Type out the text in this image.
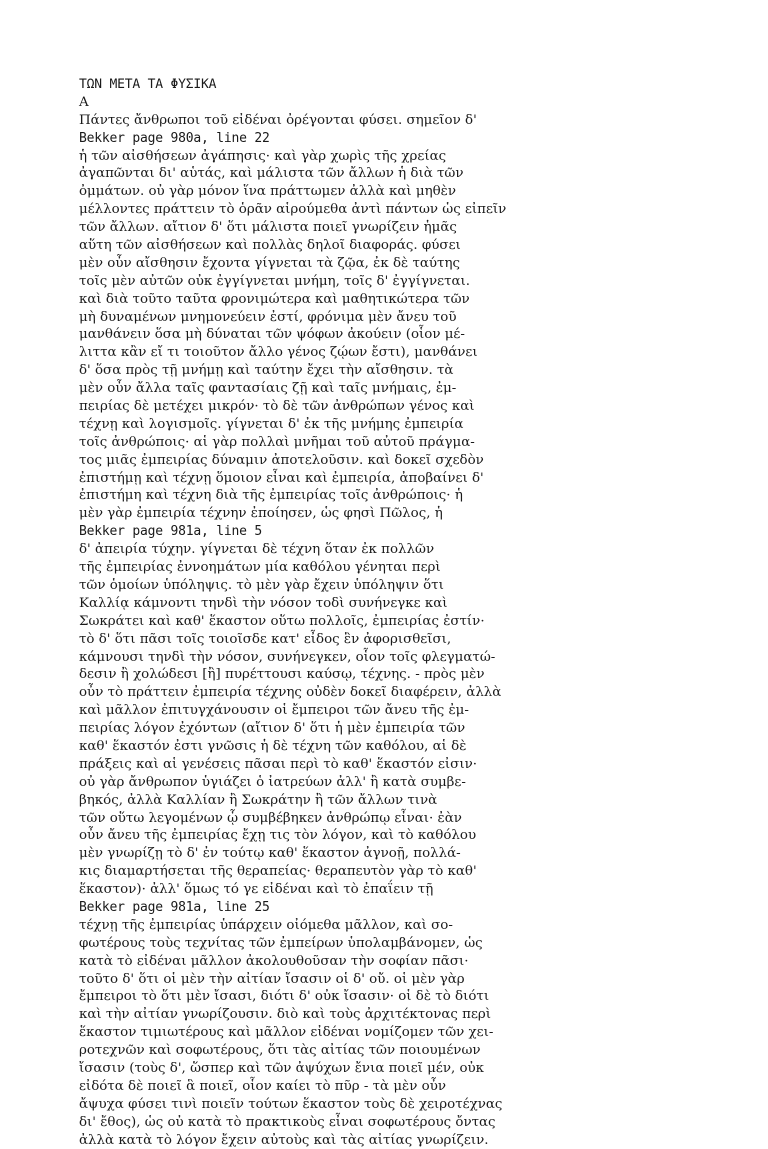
ΤΩΝ ΜΕΤΑ ΤΑ ΦΥΣΙΚΑ
Α
Πάντες ἄνθρωποι τοῦ εἰδέναι ὀρέγονται φύσει. σημεῖον δ'
Bekker page 980a, line 22
ἡ τῶν αἰσθήσεων ἀγάπησις· καὶ γὰρ χωρὶς τῆς χρείας
ἀγαπῶνται δι' αὑτάς, καὶ μάλιστα τῶν ἄλλων ἡ διὰ τῶν
ὀμμάτων. οὐ γὰρ μόνον ἵνα πράττωμεν ἀλλὰ καὶ μηθὲν
μέλλοντες πράττειν τὸ ὁρᾶν αἱρούμεθα ἀντὶ πάντων ὡς εἰπεῖν
τῶν ἄλλων. αἴτιον δ' ὅτι μάλιστα ποιεῖ γνωρίζειν ἡμᾶς
αὕτη τῶν αἰσθήσεων καὶ πολλὰς δηλοῖ διαφοράς. φύσει
μὲν οὖν αἴσθησιν ἔχοντα γίγνεται τὰ ζῷα, ἐκ δὲ ταύτης
τοῖς μὲν αὐτῶν οὐκ ἐγγίγνεται μνήμη, τοῖς δ' ἐγγίγνεται.
καὶ διὰ τοῦτο ταῦτα φρονιμώτερα καὶ μαθητικώτερα τῶν
μὴ δυναμένων μνημονεύειν ἐστί, φρόνιμα μὲν ἄνευ τοῦ
μανθάνειν ὅσα μὴ δύναται τῶν ψόφων ἀκούειν (οἷον μέ-
λιττα κἂν εἴ τι τοιοῦτον ἄλλο γένος ζῴων ἔστι), μανθάνει
δ' ὅσα πρὸς τῇ μνήμῃ καὶ ταύτην ἔχει τὴν αἴσθησιν. τὰ
μὲν οὖν ἄλλα ταῖς φαντασίαις ζῇ καὶ ταῖς μνήμαις, ἐμ-
πειρίας δὲ μετέχει μικρόν· τὸ δὲ τῶν ἀνθρώπων γένος καὶ
τέχνῃ καὶ λογισμοῖς. γίγνεται δ' ἐκ τῆς μνήμης ἐμπειρία
τοῖς ἀνθρώποις· αἱ γὰρ πολλαὶ μνῆμαι τοῦ αὐτοῦ πράγμα-
τος μιᾶς ἐμπειρίας δύναμιν ἀποτελοῦσιν. καὶ δοκεῖ σχεδὸν
ἐπιστήμῃ καὶ τέχνῃ ὅμοιον εἶναι καὶ ἐμπειρία, ἀποβαίνει δ'
ἐπιστήμη καὶ τέχνη διὰ τῆς ἐμπειρίας τοῖς ἀνθρώποις· ἡ
μὲν γὰρ ἐμπειρία τέχνην ἐποίησεν, ὡς φησὶ Πῶλος, ἡ
Bekker page 981a, line 5
δ' ἀπειρία τύχην. γίγνεται δὲ τέχνη ὅταν ἐκ πολλῶν
τῆς ἐμπειρίας ἐννοημάτων μία καθόλου γένηται περὶ
τῶν ὁμοίων ὑπόληψις. τὸ μὲν γὰρ ἔχειν ὑπόληψιν ὅτι
Καλλίᾳ κάμνοντι τηνδὶ τὴν νόσον τοδὶ συνήνεγκε καὶ
Σωκράτει καὶ καθ' ἕκαστον οὕτω πολλοῖς, ἐμπειρίας ἐστίν·
τὸ δ' ὅτι πᾶσι τοῖς τοιοῖσδε κατ' εἶδος ἓν ἀφορισθεῖσι,
κάμνουσι τηνδὶ τὴν νόσον, συνήνεγκεν, οἷον τοῖς φλεγματώ-
δεσιν ἢ χολώδεσι [ἢ] πυρέττουσι καύσῳ, τέχνης. - πρὸς μὲν
οὖν τὸ πράττειν ἐμπειρία τέχνης οὐδὲν δοκεῖ διαφέρειν, ἀλλὰ
καὶ μᾶλλον ἐπιτυγχάνουσιν οἱ ἔμπειροι τῶν ἄνευ τῆς ἐμ-
πειρίας λόγον ἐχόντων (αἴτιον δ' ὅτι ἡ μὲν ἐμπειρία τῶν
καθ' ἕκαστόν ἐστι γνῶσις ἡ δὲ τέχνη τῶν καθόλου, αἱ δὲ
πράξεις καὶ αἱ γενέσεις πᾶσαι περὶ τὸ καθ' ἕκαστόν εἰσιν·
οὐ γὰρ ἄνθρωπον ὑγιάζει ὁ ἰατρεύων ἀλλ' ἢ κατὰ συμβε-
βηκός, ἀλλὰ Καλλίαν ἢ Σωκράτην ἢ τῶν ἄλλων τινὰ
τῶν οὕτω λεγομένων ᾧ συμβέβηκεν ἀνθρώπῳ εἶναι· ἐὰν
οὖν ἄνευ τῆς ἐμπειρίας ἔχῃ τις τὸν λόγον, καὶ τὸ καθόλου
μὲν γνωρίζῃ τὸ δ' ἐν τούτῳ καθ' ἕκαστον ἀγνοῇ, πολλά-
κις διαμαρτήσεται τῆς θεραπείας· θεραπευτὸν γὰρ τὸ καθ'
ἕκαστον)· ἀλλ' ὅμως τό γε εἰδέναι καὶ τὸ ἐπαΐειν τῇ
Bekker page 981a, line 25
τέχνῃ τῆς ἐμπειρίας ὑπάρχειν οἰόμεθα μᾶλλον, καὶ σο-
φωτέρους τοὺς τεχνίτας τῶν ἐμπείρων ὑπολαμβάνομεν, ὡς
κατὰ τὸ εἰδέναι μᾶλλον ἀκολουθοῦσαν τὴν σοφίαν πᾶσι·
τοῦτο δ' ὅτι οἱ μὲν τὴν αἰτίαν ἴσασιν οἱ δ' οὔ. οἱ μὲν γὰρ
ἔμπειροι τὸ ὅτι μὲν ἴσασι, διότι δ' οὐκ ἴσασιν· οἱ δὲ τὸ διότι
καὶ τὴν αἰτίαν γνωρίζουσιν. διὸ καὶ τοὺς ἀρχιτέκτονας περὶ
ἕκαστον τιμιωτέρους καὶ μᾶλλον εἰδέναι νομίζομεν τῶν χει-
ροτεχνῶν καὶ σοφωτέρους, ὅτι τὰς αἰτίας τῶν ποιουμένων
ἴσασιν (τοὺς δ', ὥσπερ καὶ τῶν ἀψύχων ἔνια ποιεῖ μέν, οὐκ
εἰδότα δὲ ποιεῖ ἃ ποιεῖ, οἷον καίει τὸ πῦρ - τὰ μὲν οὖν
ἄψυχα φύσει τινὶ ποιεῖν τούτων ἕκαστον τοὺς δὲ χειροτέχνας
δι' ἔθος), ὡς οὐ κατὰ τὸ πρακτικοὺς εἶναι σοφωτέρους ὄντας
ἀλλὰ κατὰ τὸ λόγον ἔχειν αὐτοὺς καὶ τὰς αἰτίας γνωρίζειν.
